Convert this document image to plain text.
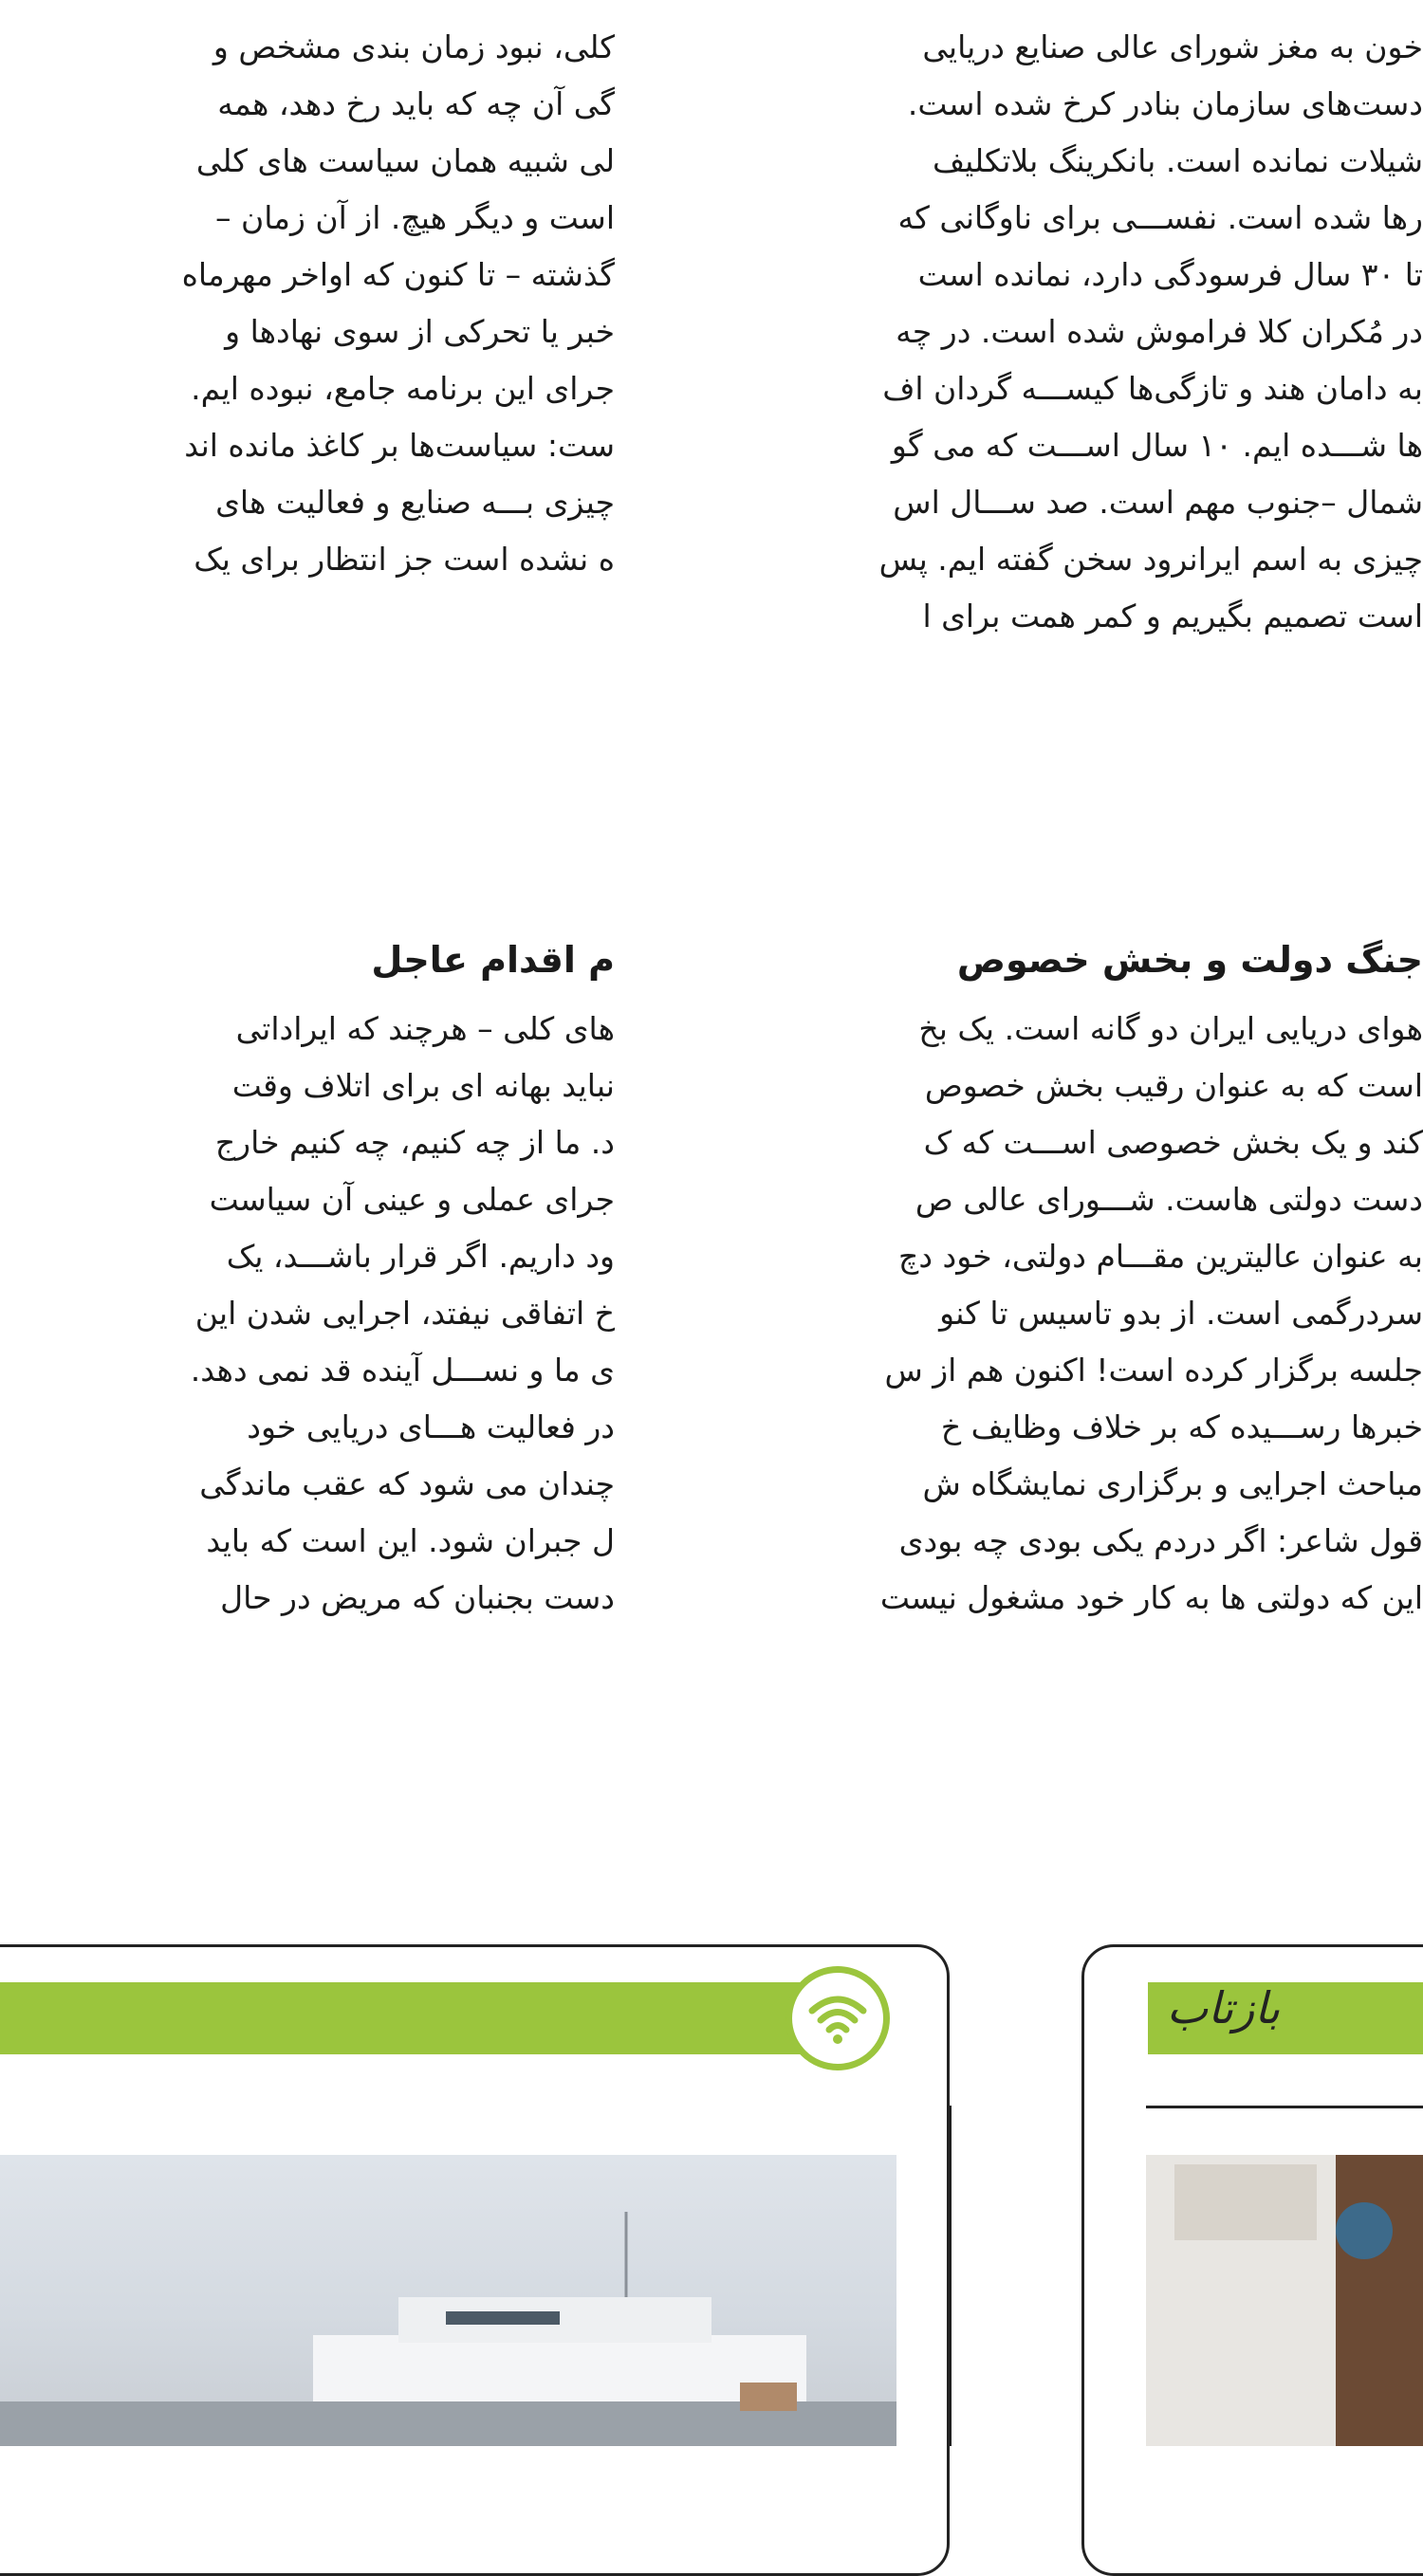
خون به مغز شورای عالی صنایع دریایی
دست‌های سازمان بنادر کرخ شده است.
شیلات نمانده است. بانکرینگ بلاتکلیف
رها شده است. نفســـی برای ناوگانی که
تا ۳۰ سال فرسودگی دارد، نمانده است
در مُکران کلا فراموش شده است. در چه
به دامان هند و تازگی‌ها کیســـه گردان اف
ها شـــده ایم. ۱۰ سال اســـت که می گو
شمال –جنوب مهم است. صد ســـال اس
چیزی به اسم ایرانرود سخن گفته ایم. پس
است تصمیم بگیریم و کمر همت برای ا
کلی، نبود زمان بندی مشخص و
گی آن چه که باید رخ دهد، همه
لی شبیه همان سیاست های کلی
است و دیگر هیچ. از آن زمان –
گذشته – تا کنون که اواخر مهرماه
خبر یا تحرکی از سوی نهادها و
جرای این برنامه جامع، نبوده ایم.
ست: سیاست‌ها بر کاغذ مانده اند
چیزی بـــه صنایع و فعالیت های
ه نشده است جز انتظار برای یک
جنگ دولت و بخش خصوص
م اقدام عاجل
هوای دریایی ایران دو گانه است. یک بخ
است که به عنوان رقیب بخش خصوص
کند و یک بخش خصوصی اســـت که ک
دست دولتی هاست. شـــورای عالی ص
به عنوان عالیترین مقـــام دولتی، خود دچ
سردرگمی است. از بدو تاسیس تا کنو
جلسه برگزار کرده است! اکنون هم از س
خبرها رســـیده که بر خلاف وظایف خ
مباحث اجرایی و برگزاری نمایشگاه ش
قول شاعر: اگر دردم یکی بودی چه بودی
این که دولتی ها به کار خود مشغول نیست
های کلی – هرچند که ایراداتی
نباید بهانه ای برای اتلاف وقت
د. ما از چه کنیم، چه کنیم خارج
جرای عملی و عینی آن سیاست
ود داریم. اگر قرار باشـــد، یک
خ اتفاقی نیفتد، اجرایی شدن این
ی ما و نســـل آینده قد نمی دهد.
در فعالیت هـــای دریایی خود
چندان می شود که عقب ماندگی
ل جبران شود. این است که باید
دست بجنبان که مریض در حال
بازتاب
